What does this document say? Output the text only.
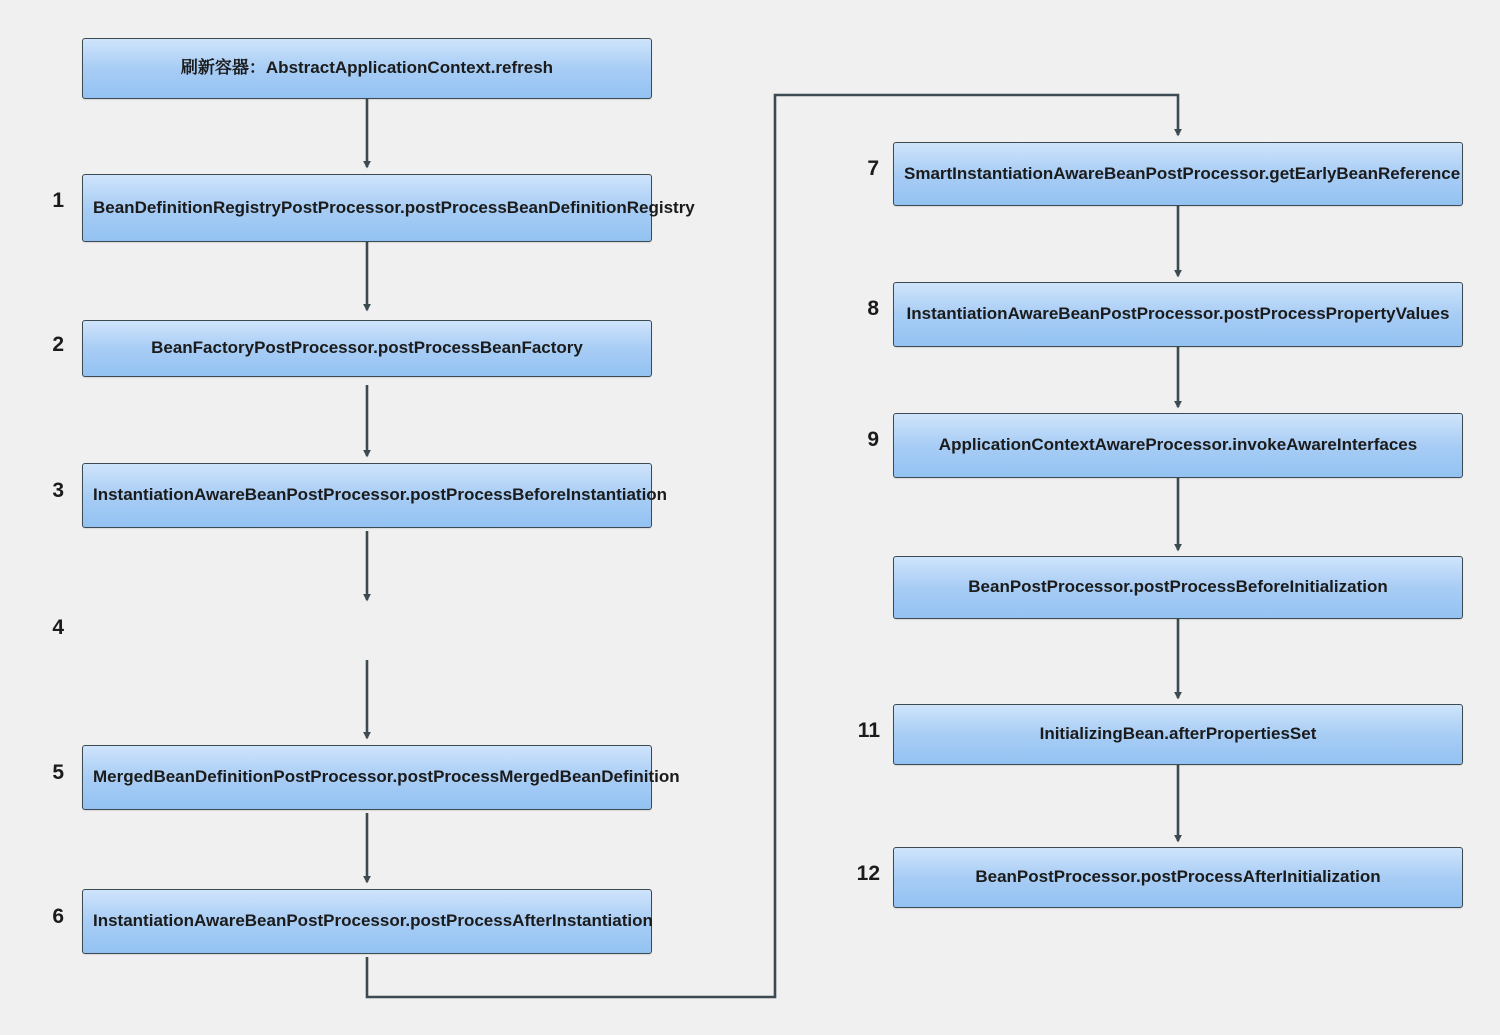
刷新容器：AbstractApplicationContext.refresh
1
2
3
4
5
6
BeanDefinitionRegistryPostProcessor.postProcessBeanDefinitionRegistry
BeanFactoryPostProcessor.postProcessBeanFactory
InstantiationAwareBeanPostProcessor.postProcessBeforeInstantiation
MergedBeanDefinitionPostProcessor.postProcessMergedBeanDefinition
InstantiationAwareBeanPostProcessor.postProcessAfterInstantiation
7
8
9
11
12
SmartInstantiationAwareBeanPostProcessor.getEarlyBeanReference
InstantiationAwareBeanPostProcessor.postProcessPropertyValues
ApplicationContextAwareProcessor.invokeAwareInterfaces
BeanPostProcessor.postProcessBeforeInitialization
InitializingBean.afterPropertiesSet
BeanPostProcessor.postProcessAfterInitialization
